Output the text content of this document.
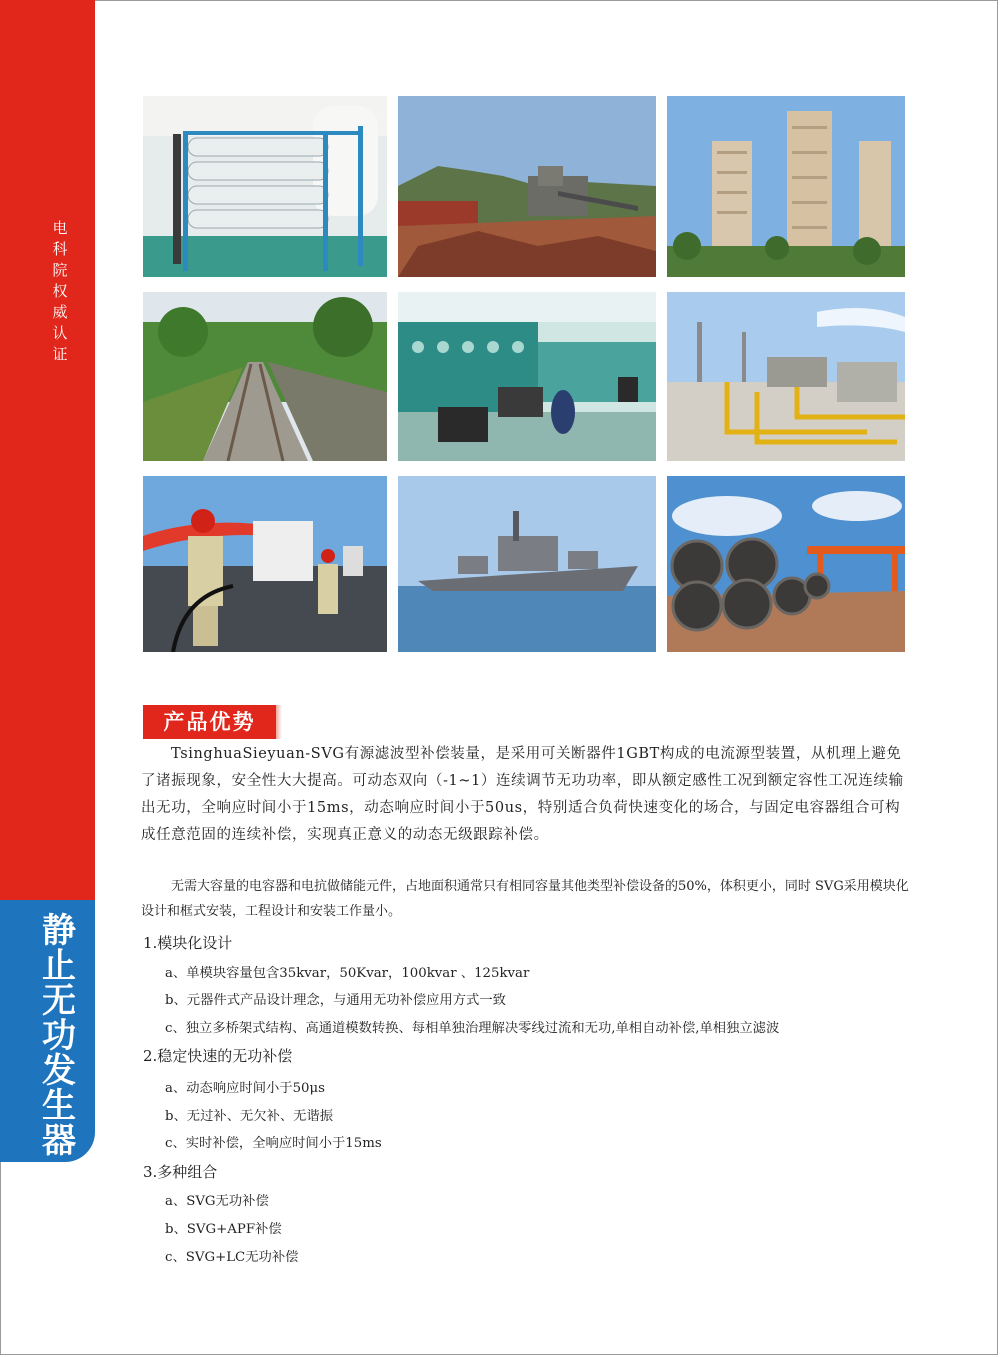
电科院权威认证
静止无功发生器
产品优势

TsinghuaSieyuan-SVG有源滤波型补偿装量，是采用可关断器件1GBT构成的电流源型装置，从机理上避免了诸振现象，安全性大大提高。可动态双向（-1~1）连续调节无功功率，即从额定感性工况到额定容性工况连续输出无功，全响应时间小于15ms，动态响应时间小于50us，特别适合负荷快速变化的场合，与固定电容器组合可构成任意范固的连续补偿，实现真正意义的动态无级跟踪补偿。

无需大容量的电容器和电抗做储能元件，占地面积通常只有相同容量其他类型补偿设备的50%，体积更小，同时 SVG采用模块化设计和框式安装，工程设计和安装工作量小。

1.模块化设计
a、单模块容量包含35kvar，50Kvar，100kvar 、125kvar
b、元器件式产品设计理念，与通用无功补偿应用方式一致
c、独立多桥架式结构、高通道模数转换、每相单独治理解决零线过流和无功,单相自动补偿,单相独立滤波
2.稳定快速的无功补偿
a、动态响应时间小于50μs
b、无过补、无欠补、无谐振
c、实时补偿，全响应时间小于15ms
3.多种组合
a、SVG无功补偿
b、SVG+APF补偿
c、SVG+LC无功补偿
